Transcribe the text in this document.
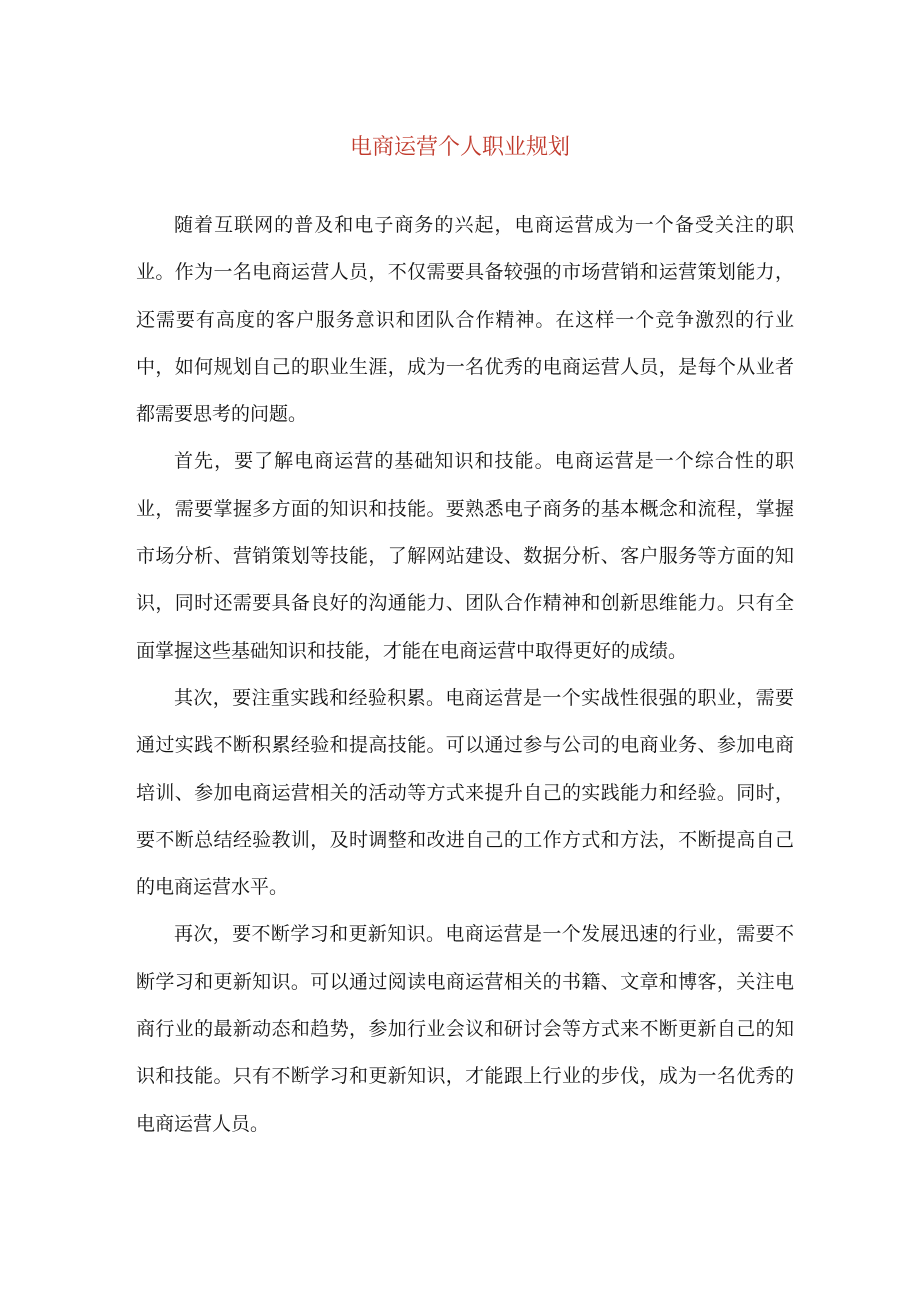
电商运营个人职业规划

随着互联网的普及和电子商务的兴起，电商运营成为一个备受关注的职业。作为一名电商运营人员，不仅需要具备较强的市场营销和运营策划能力，还需要有高度的客户服务意识和团队合作精神。在这样一个竞争激烈的行业中，如何规划自己的职业生涯，成为一名优秀的电商运营人员，是每个从业者都需要思考的问题。

首先，要了解电商运营的基础知识和技能。电商运营是一个综合性的职业，需要掌握多方面的知识和技能。要熟悉电子商务的基本概念和流程，掌握市场分析、营销策划等技能，了解网站建设、数据分析、客户服务等方面的知识，同时还需要具备良好的沟通能力、团队合作精神和创新思维能力。只有全面掌握这些基础知识和技能，才能在电商运营中取得更好的成绩。

其次，要注重实践和经验积累。电商运营是一个实战性很强的职业，需要通过实践不断积累经验和提高技能。可以通过参与公司的电商业务、参加电商培训、参加电商运营相关的活动等方式来提升自己的实践能力和经验。同时，要不断总结经验教训，及时调整和改进自己的工作方式和方法，不断提高自己的电商运营水平。

再次，要不断学习和更新知识。电商运营是一个发展迅速的行业，需要不断学习和更新知识。可以通过阅读电商运营相关的书籍、文章和博客，关注电商行业的最新动态和趋势，参加行业会议和研讨会等方式来不断更新自己的知识和技能。只有不断学习和更新知识，才能跟上行业的步伐，成为一名优秀的电商运营人员。
